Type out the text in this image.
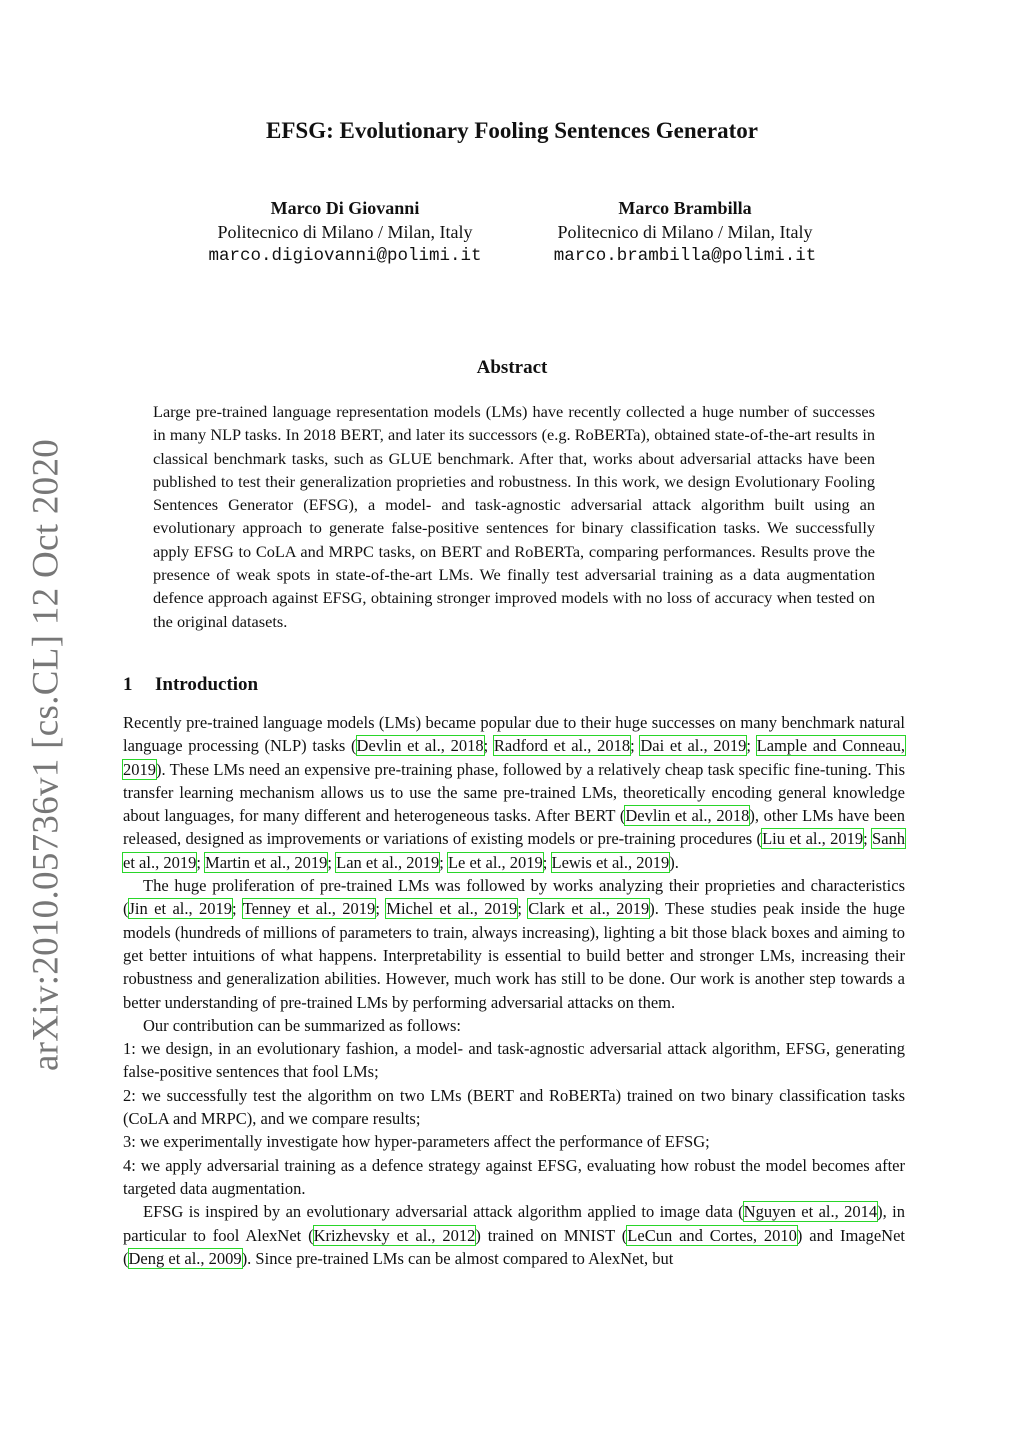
arXiv:2010.05736v1 [cs.CL] 12 Oct 2020
EFSG: Evolutionary Fooling Sentences Generator
Marco Di Giovanni
Politecnico di Milano / Milan, Italy
marco.digiovanni@polimi.it
Marco Brambilla
Politecnico di Milano / Milan, Italy
marco.brambilla@polimi.it
Abstract

Large pre-trained language representation models (LMs) have recently collected a huge number of successes in many NLP tasks. In 2018 BERT, and later its successors (e.g. RoBERTa), obtained state-of-the-art results in classical benchmark tasks, such as GLUE benchmark. After that, works about adversarial attacks have been published to test their generalization proprieties and robustness. In this work, we design Evolutionary Fooling Sentences Generator (EFSG), a model- and task-agnostic adversarial attack algorithm built using an evolutionary approach to generate false-positive sentences for binary classification tasks. We successfully apply EFSG to CoLA and MRPC tasks, on BERT and RoBERTa, comparing performances. Results prove the presence of weak spots in state-of-the-art LMs. We finally test adversarial training as a data augmentation defence approach against EFSG, obtaining stronger improved models with no loss of accuracy when tested on the original datasets.

1 Introduction

Recently pre-trained language models (LMs) became popular due to their huge successes on many benchmark natural language processing (NLP) tasks (Devlin et al., 2018; Radford et al., 2018; Dai et al., 2019; Lample and Conneau, 2019). These LMs need an expensive pre-training phase, followed by a relatively cheap task specific fine-tuning. This transfer learning mechanism allows us to use the same pre-trained LMs, theoretically encoding general knowledge about languages, for many different and heterogeneous tasks. After BERT (Devlin et al., 2018), other LMs have been released, designed as improvements or variations of existing models or pre-training procedures (Liu et al., 2019; Sanh et al., 2019; Martin et al., 2019; Lan et al., 2019; Le et al., 2019; Lewis et al., 2019).

The huge proliferation of pre-trained LMs was followed by works analyzing their proprieties and characteristics (Jin et al., 2019; Tenney et al., 2019; Michel et al., 2019; Clark et al., 2019). These studies peak inside the huge models (hundreds of millions of parameters to train, always increasing), lighting a bit those black boxes and aiming to get better intuitions of what happens. Interpretability is essential to build better and stronger LMs, increasing their robustness and generalization abilities. However, much work has still to be done. Our work is another step towards a better understanding of pre-trained LMs by performing adversarial attacks on them.

Our contribution can be summarized as follows:

1: we design, in an evolutionary fashion, a model- and task-agnostic adversarial attack algorithm, EFSG, generating false-positive sentences that fool LMs;

2: we successfully test the algorithm on two LMs (BERT and RoBERTa) trained on two binary classification tasks (CoLA and MRPC), and we compare results;

3: we experimentally investigate how hyper-parameters affect the performance of EFSG;

4: we apply adversarial training as a defence strategy against EFSG, evaluating how robust the model becomes after targeted data augmentation.

EFSG is inspired by an evolutionary adversarial attack algorithm applied to image data (Nguyen et al., 2014), in particular to fool AlexNet (Krizhevsky et al., 2012) trained on MNIST (LeCun and Cortes, 2010) and ImageNet (Deng et al., 2009). Since pre-trained LMs can be almost compared to AlexNet, but
